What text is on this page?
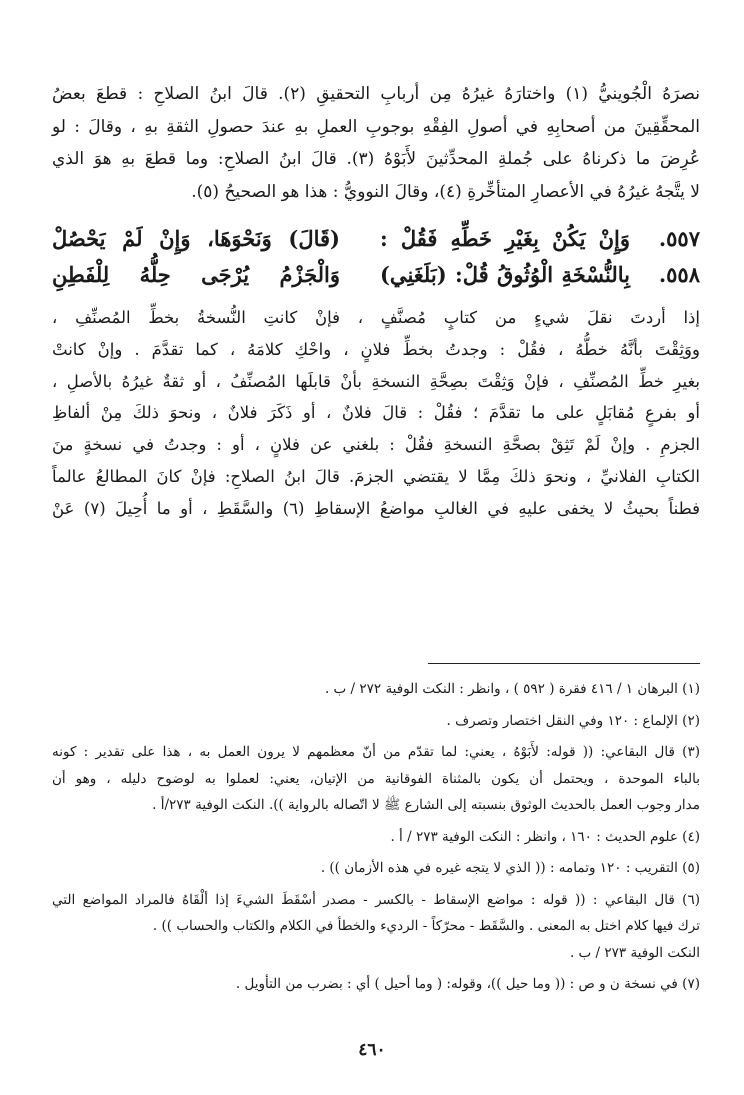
نصرَهُ الْجُوينيُّ (١) واختارَهُ غيرُهُ مِن أربابِ التحقيقِ (٢). قالَ ابنُ الصلاحِ : قطعَ بعضُ

المحقِّقِينَ من أصحابِهِ في أصولِ الفِقْهِ بوجوبِ العملِ بهِ عندَ حصولِ الثقةِ بهِ ، وقالَ : لو

عُرِضَ ما ذكرناهُ على جُملةِ المحدِّثينَ لأَبَوْهُ (٣). قالَ ابنُ الصلاحِ: وما قطعَ بهِ هوَ الذي

لا يتَّجهُ غيرُهُ في الأعصارِ المتأخِّرةِ (٤)، وقالَ النوويُّ : هذا هو الصحيحُ (٥).

٥٥٧.
وَإِنْ يَكُنْ بِغَيْرِ خَطِّهِ فَقُلْ :
(قَالَ) وَنَحْوَهَا، وَإِنْ لَمْ يَحْصُلْ
٥٥٨.
بِالنُّسْخَةِ الْوُثُوقُ قُلْ: (بَلَغَنِي)
وَالْجَزْمُ يُرْجَى حِلُّهُ لِلْفَطِنِ

إذا أردتَ نقلَ شيءٍ من كتابٍ مُصنَّفٍ ، فإنْ كانتِ النُّسخةُ بخطِّ المُصنِّفِ ،

ووَثِقْتَ بأنَّهُ خطُّهُ ، فقُلْ : وجدتُ بخطِّ فلانٍ ، واحْكِ كلامَهُ ، كما تقدَّمَ . وإنْ كانتْ

بغيرِ خطِّ المُصنِّفِ ، فإنْ وَثِقْتَ بصِحَّةِ النسخةِ بأنْ قابلَها المُصنِّفُ ، أو ثقةٌ غيرُهُ بالأصلِ ،

أو بفرعٍ مُقابَلٍ على ما تقدَّمَ ؛ فقُلْ : قالَ فلانٌ ، أو ذَكَرَ فلانٌ ، ونحوَ ذلكَ مِنْ ألفاظِ

الجزمِ . وإنْ لَمْ تَثِقْ بصحَّةِ النسخةِ فقُلْ : بلغني عن فلانٍ ، أو : وجدتُ في نسخةٍ منَ

الكتابِ الفلانيِّ ، ونحوَ ذلكَ مِمَّا لا يقتضي الجزمَ. قالَ ابنُ الصلاحِ: فإنْ كانَ المطالعُ عالماً

فطناً بحيثُ لا يخفى عليهِ في الغالبِ مواضعُ الإسقاطِ (٦) والسَّقَطِ ، أو ما أُحِيلَ (٧) عَنْ

(١) البرهان ١ / ٤١٦ فقرة ( ٥٩٢ ) ، وانظر : النكت الوفية ٢٧٢ / ب .

(٢) الإلماع : ١٢٠ وفي النقل اختصار وتصرف .

(٣) قال البقاعي: (( قوله: لأَبَوْهُ ، يعني: لما تقدّم من أنّ معظمهم لا يرون العمل به ، هذا على تقدير : كونه

بالباء الموحدة ، ويحتمل أن يكون بالمثناة الفوقانية من الإتيان، يعني: لعملوا به لوضوح دليله ، وهو أن

مدار وجوب العمل بالحديث الوثوق بنسبته إلى الشارع ﷺ لا اتّصاله بالرواية )). النكت الوفية ٢٧٣/أ .

(٤) علوم الحديث : ١٦٠ ، وانظر : النكت الوفية ٢٧٣ / أ .

(٥) التقريب : ١٢٠ وتمامه : (( الذي لا يتجه غيره في هذه الأزمان )) .

(٦) قال البقاعي : (( قوله : مواضع الإسقاط - بالكسر - مصدر أسْقَطَ الشيءَ إذا ألْقَاهُ فالمراد المواضع التي

ترك فيها كلام اختل به المعنى . والسَّقَط - محرّكاً - الرديء والخطأ في الكلام والكتاب والحساب )) .

النكت الوفية ٢٧٣ / ب .

(٧) في نسخة ن و ص : (( وما حيل ))، وقوله: ( وما أحيل ) أي : بضرب من التأويل .

٤٦٠
